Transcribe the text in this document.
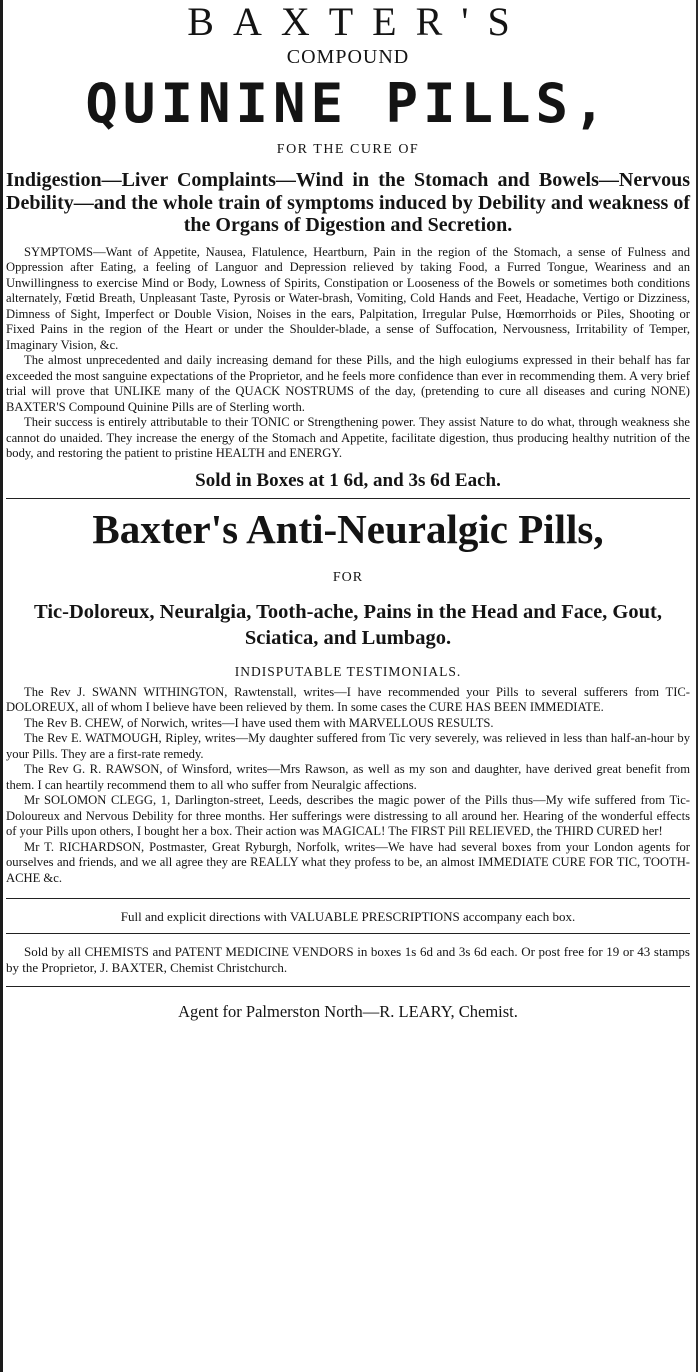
BAXTER'S
COMPOUND
QUININE PILLS,
FOR THE CURE OF
Indigestion—Liver Complaints—Wind in the Stomach and Bowels—Nervous Debility—and the whole train of symptoms induced by Debility and weakness of the Organs of Digestion and Secretion.

SYMPTOMS—Want of Appetite, Nausea, Flatulence, Heartburn, Pain in the region of the Stomach, a sense of Fulness and Oppression after Eating, a feeling of Languor and Depression relieved by taking Food, a Furred Tongue, Weariness and an Unwillingness to exercise Mind or Body, Lowness of Spirits, Constipation or Looseness of the Bowels or sometimes both conditions alternately, Fœtid Breath, Unpleasant Taste, Pyrosis or Water-brash, Vomiting, Cold Hands and Feet, Headache, Vertigo or Dizziness, Dimness of Sight, Imperfect or Double Vision, Noises in the ears, Palpitation, Irregular Pulse, Hœmorrhoids or Piles, Shooting or Fixed Pains in the region of the Heart or under the Shoulder-blade, a sense of Suffocation, Nervousness, Irritability of Temper, Imaginary Vision, &c.

The almost unprecedented and daily increasing demand for these Pills, and the high eulogiums expressed in their behalf has far exceeded the most sanguine expectations of the Proprietor, and he feels more confidence than ever in recommending them. A very brief trial will prove that UNLIKE many of the QUACK NOSTRUMS of the day, (pretending to cure all diseases and curing NONE) BAXTER'S Compound Quinine Pills are of Sterling worth.

Their success is entirely attributable to their TONIC or Strengthening power. They assist Nature to do what, through weakness she cannot do unaided. They increase the energy of the Stomach and Appetite, facilitate digestion, thus producing healthy nutrition of the body, and restoring the patient to pristine HEALTH and ENERGY.

Sold in Boxes at 1 6d, and 3s 6d Each.
Baxter's Anti-Neuralgic Pills,
FOR
Tic-Doloreux, Neuralgia, Tooth-ache, Pains in the Head and Face, Gout, Sciatica, and Lumbago.
INDISPUTABLE TESTIMONIALS.

The Rev J. SWANN WITHINGTON, Rawtenstall, writes—I have recommended your Pills to several sufferers from TIC-DOLOREUX, all of whom I believe have been relieved by them. In some cases the CURE HAS BEEN IMMEDIATE.

The Rev B. CHEW, of Norwich, writes—I have used them with MARVELLOUS RESULTS.

The Rev E. WATMOUGH, Ripley, writes—My daughter suffered from Tic very severely, was relieved in less than half-an-hour by your Pills. They are a first-rate remedy.

The Rev G. R. RAWSON, of Winsford, writes—Mrs Rawson, as well as my son and daughter, have derived great benefit from them. I can heartily recommend them to all who suffer from Neuralgic affections.

Mr SOLOMON CLEGG, 1, Darlington-street, Leeds, describes the magic power of the Pills thus—My wife suffered from Tic-Doloureux and Nervous Debility for three months. Her sufferings were distressing to all around her. Hearing of the wonderful effects of your Pills upon others, I bought her a box. Their action was MAGICAL! The FIRST Pill RELIEVED, the THIRD CURED her!

Mr T. RICHARDSON, Postmaster, Great Ryburgh, Norfolk, writes—We have had several boxes from your London agents for ourselves and friends, and we all agree they are REALLY what they profess to be, an almost IMMEDIATE CURE FOR TIC, TOOTH-ACHE &c.

Full and explicit directions with VALUABLE PRESCRIPTIONS accompany each box.

Sold by all CHEMISTS and PATENT MEDICINE VENDORS in boxes 1s 6d and 3s 6d each. Or post free for 19 or 43 stamps by the Proprietor, J. BAXTER, Chemist Christchurch.

Agent for Palmerston North—R. LEARY, Chemist.
